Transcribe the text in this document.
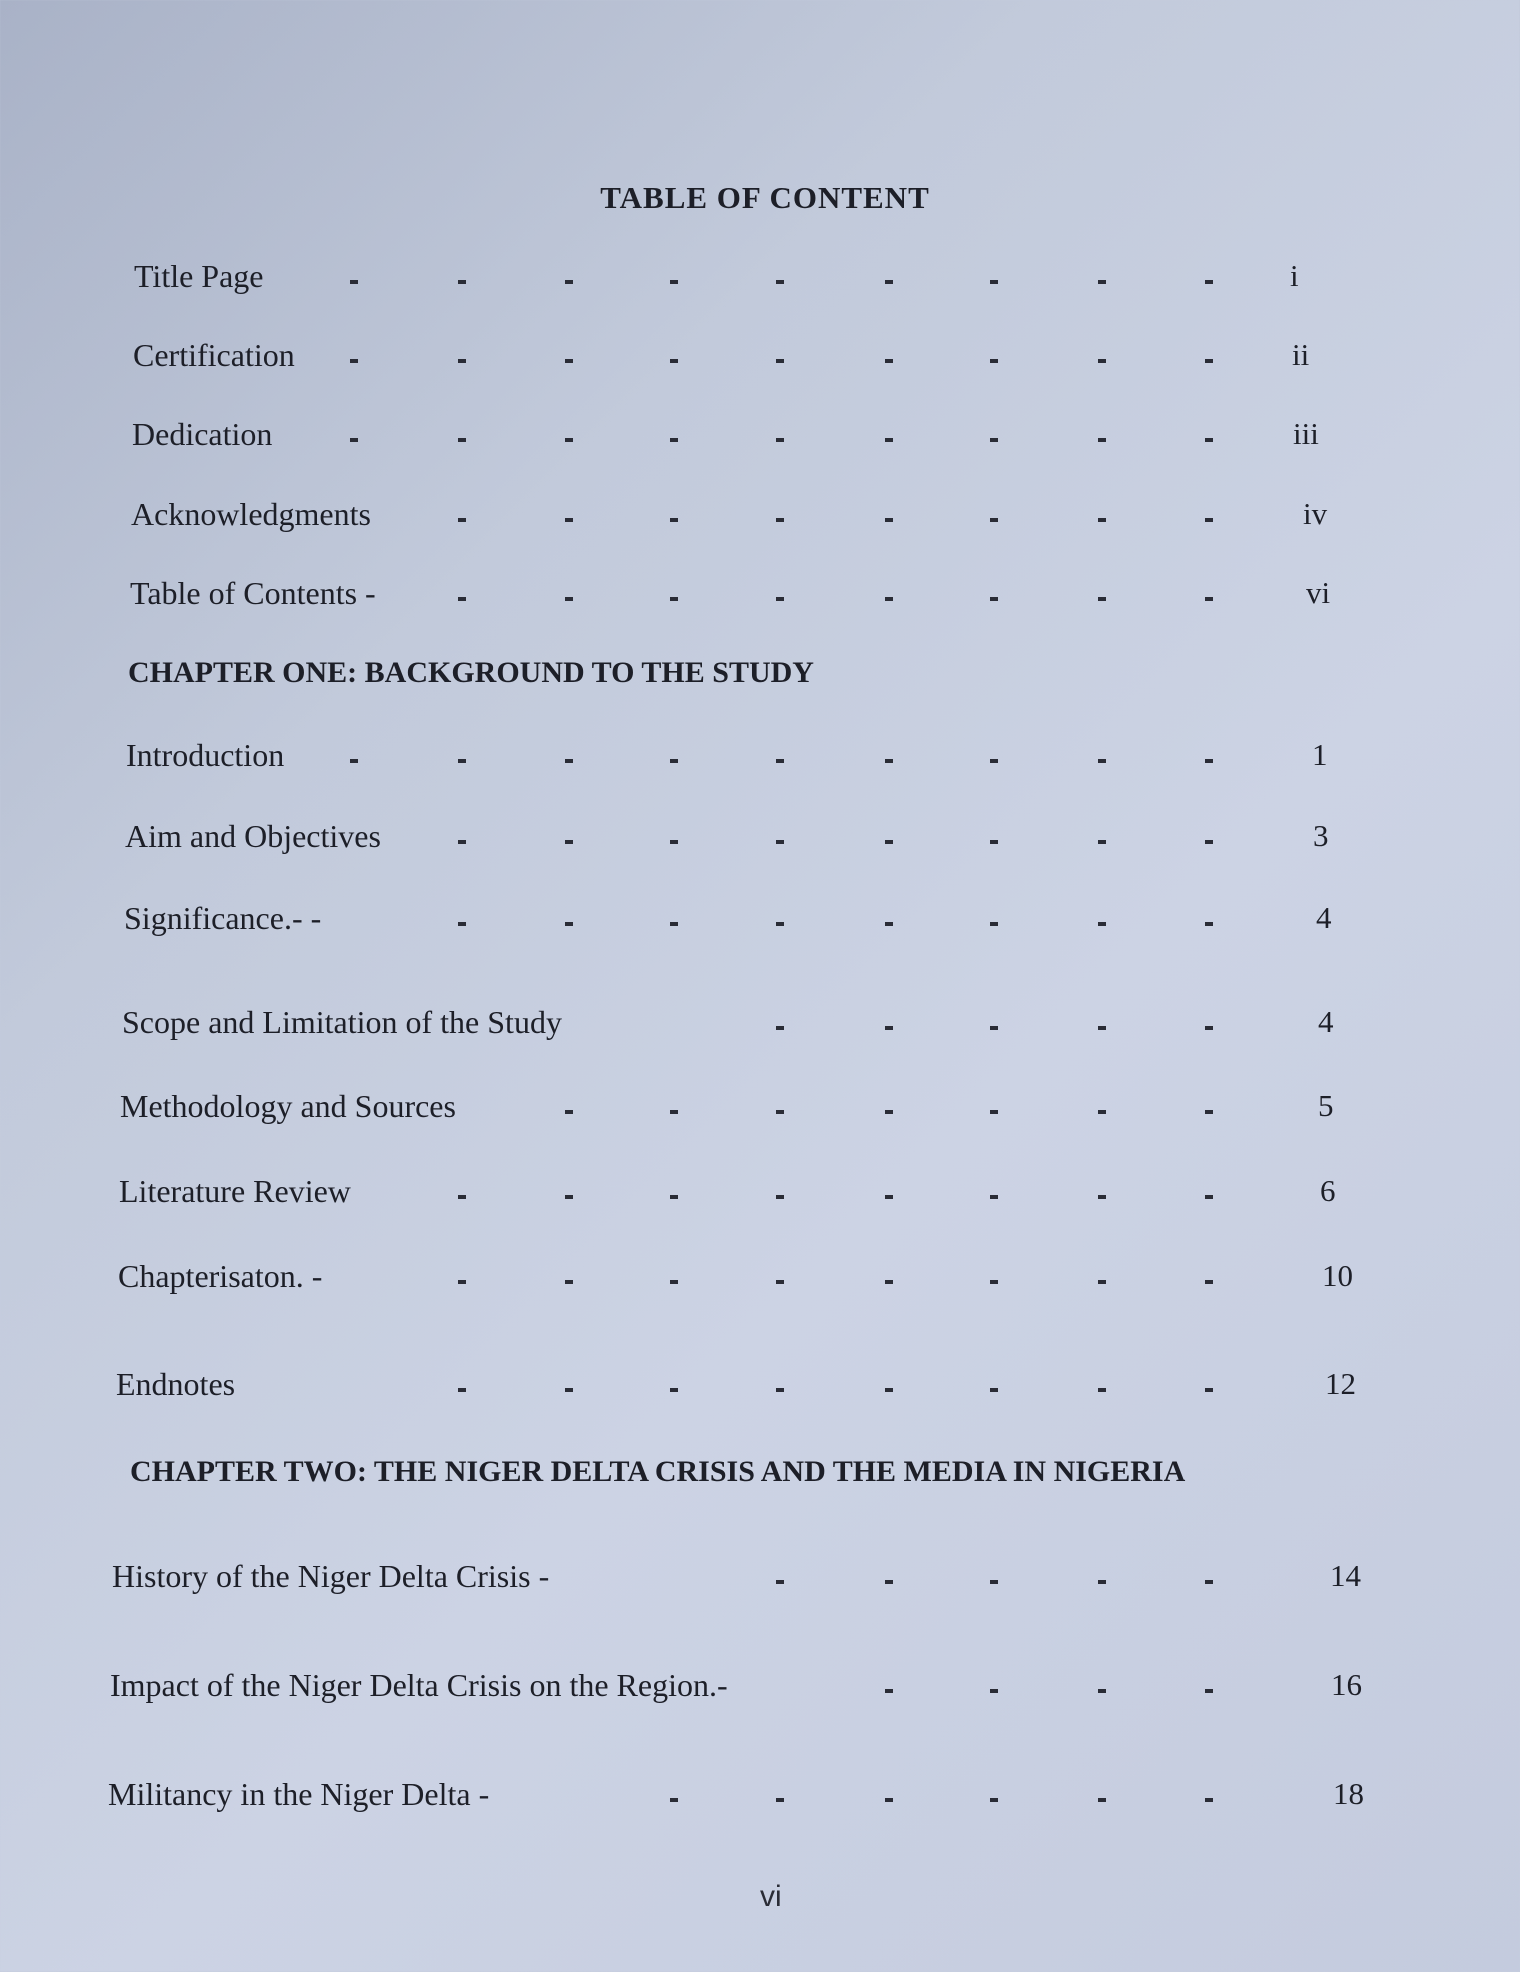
TABLE OF CONTENT
Title Page	i
Certification	ii
Dedication	iii
Acknowledgments	iv
Table of Contents -	vi
CHAPTER ONE: BACKGROUND TO THE STUDY
Introduction	1
Aim and Objectives	3
Significance.- -	4
Scope and Limitation of the Study	4
Methodology and Sources	5
Literature Review	6
Chapterisaton. -	10
Endnotes	12
CHAPTER TWO: THE NIGER DELTA CRISIS AND THE MEDIA IN NIGERIA
History of the Niger Delta Crisis -	14
Impact of the Niger Delta Crisis on the Region.-	16
Militancy in the Niger Delta -	18
vi
